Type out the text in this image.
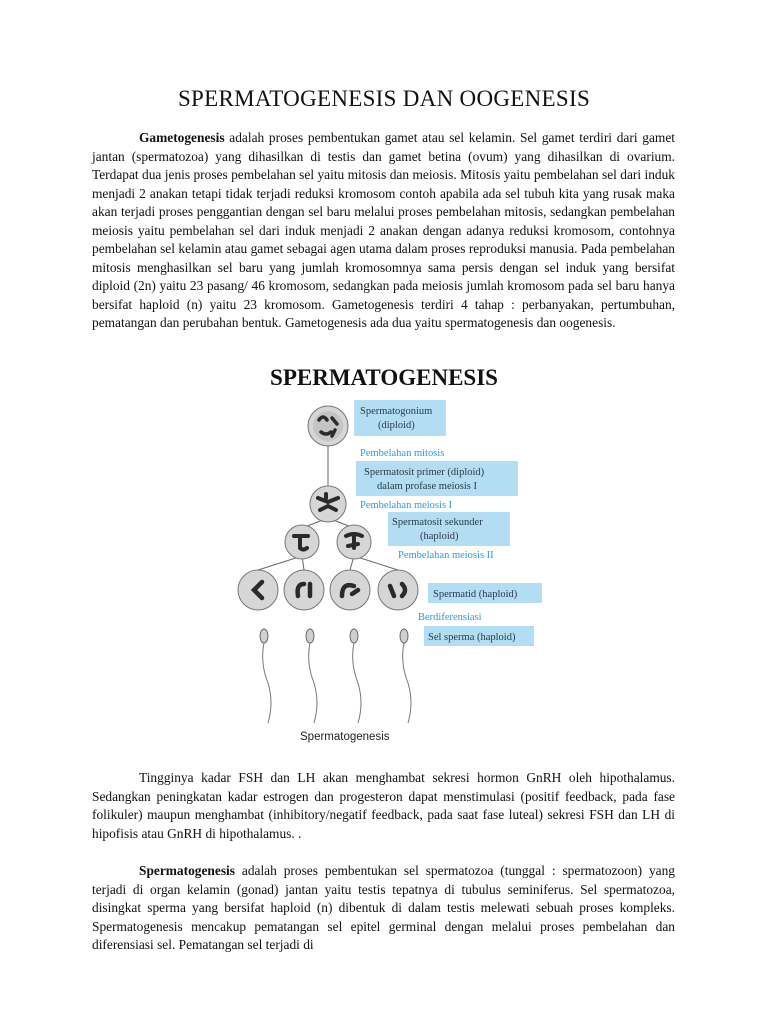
SPERMATOGENESIS DAN OOGENESIS

Gametogenesis adalah proses pembentukan gamet atau sel kelamin. Sel gamet terdiri dari gamet jantan (spermatozoa) yang dihasilkan di testis dan gamet betina (ovum) yang dihasilkan di ovarium. Terdapat dua jenis proses pembelahan sel yaitu mitosis dan meiosis. Mitosis yaitu pembelahan sel dari induk menjadi 2 anakan tetapi tidak terjadi reduksi kromosom contoh apabila ada sel tubuh kita yang rusak maka akan terjadi proses penggantian dengan sel baru melalui proses pembelahan mitosis, sedangkan pembelahan meiosis yaitu pembelahan sel dari induk menjadi 2 anakan dengan adanya reduksi kromosom, contohnya pembelahan sel kelamin atau gamet sebagai agen utama dalam proses reproduksi manusia. Pada pembelahan mitosis menghasilkan sel baru yang jumlah kromosomnya sama persis dengan sel induk yang bersifat diploid (2n) yaitu 23 pasang/ 46 kromosom, sedangkan pada meiosis jumlah kromosom pada sel baru hanya bersifat haploid (n) yaitu 23 kromosom. Gametogenesis terdiri 4 tahap : perbanyakan, pertumbuhan, pematangan dan perubahan bentuk. Gametogenesis ada dua yaitu spermatogenesis dan oogenesis.

SPERMATOGENESIS
Spermatogonium
(diploid)
Pembelahan mitosis
Spermatosit primer (diploid)
dalam profase meiosis I
Pembelahan meiosis I
Spermatosit sekunder
(haploid)
Pembelahan meiosis II
Spermatid (haploid)
Berdiferensiasi
Sel sperma (haploid)
Spermatogenesis

Tingginya kadar FSH dan LH akan menghambat sekresi hormon GnRH oleh hipothalamus. Sedangkan peningkatan kadar estrogen dan progesteron dapat menstimulasi (positif feedback, pada fase folikuler) maupun menghambat (inhibitory/negatif feedback, pada saat fase luteal) sekresi FSH dan LH di hipofisis atau GnRH di hipothalamus. .

Spermatogenesis adalah proses pembentukan sel spermatozoa (tunggal : spermatozoon) yang terjadi di organ kelamin (gonad) jantan yaitu testis tepatnya di tubulus seminiferus. Sel spermatozoa, disingkat sperma yang bersifat haploid (n) dibentuk di dalam testis melewati sebuah proses kompleks. Spermatogenesis mencakup pematangan sel epitel germinal dengan melalui proses pembelahan dan diferensiasi sel. Pematangan sel terjadi di
